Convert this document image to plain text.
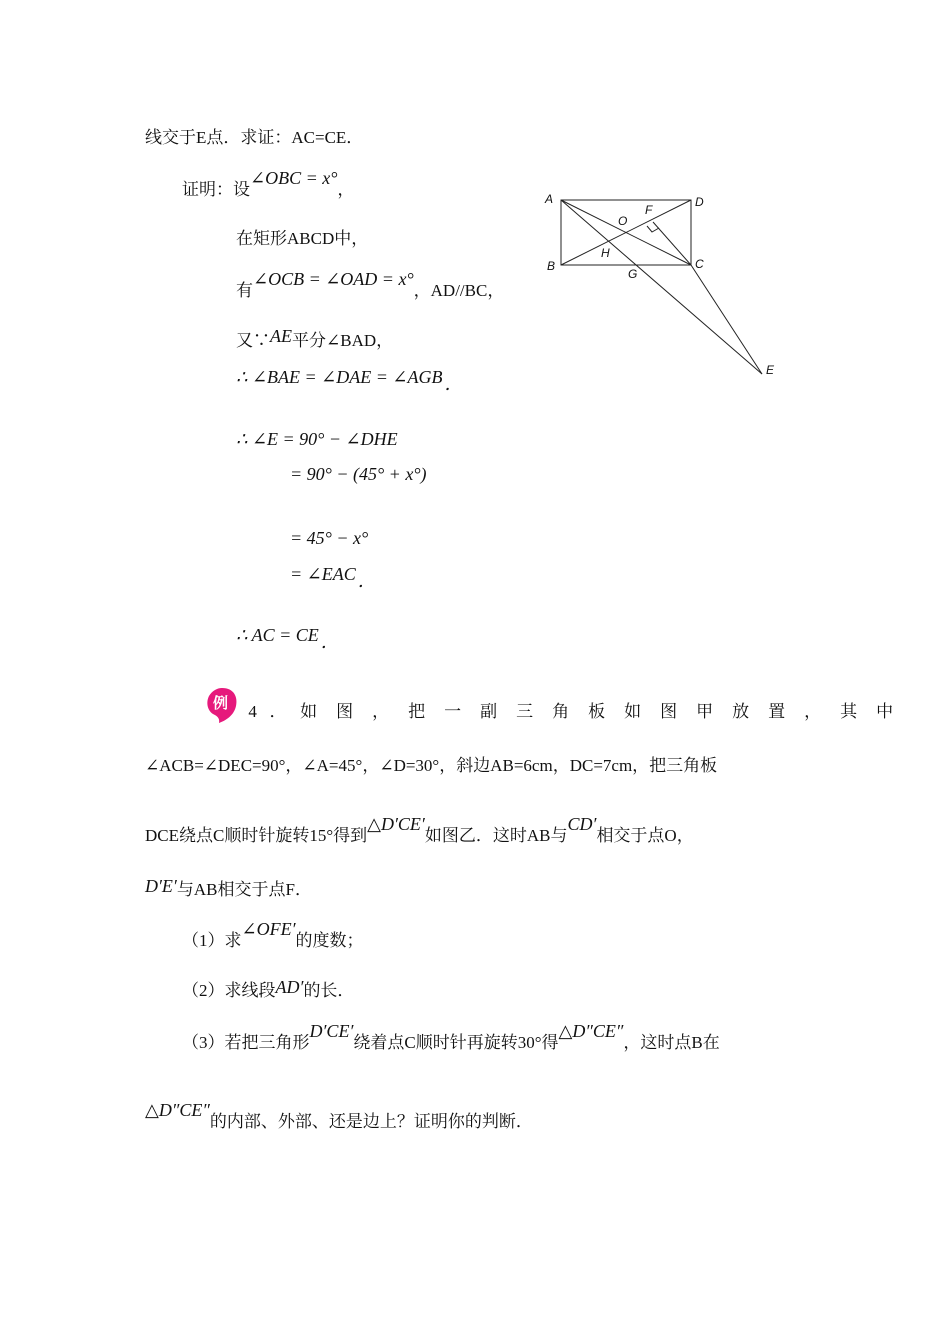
线交于E点．求证：AC=CE．
证明：设∠OBC = x°，
在矩形ABCD中，
有∠OCB = ∠OAD = x°，AD//BC，
又∵AE平分∠BAD，
∴ ∠BAE = ∠DAE = ∠AGB ．
∴ ∠E = 90° − ∠DHE
= 90° − (45° + x°)
= 45° − x°
= ∠EAC ．
∴ AC = CE ．
A	D
B	C
O
F
H
G
E
例	4 ． 如 图 ， 把 一 副 三 角 板 如 图 甲 放 置 ， 其 中
∠ACB=∠DEC=90°，∠A=45°，∠D=30°，斜边AB=6cm，DC=7cm，把三角板
DCE绕点C顺时针旋转15°得到△D′CE′如图乙．这时AB与CD′相交于点O，
D′E′与AB相交于点F．
（1）求∠OFE′的度数；
（2）求线段AD′的长．
（3）若把三角形D′CE′绕着点C顺时针再旋转30°得△D″CE″，这时点B在
△D″CE″的内部、外部、还是边上？证明你的判断．
